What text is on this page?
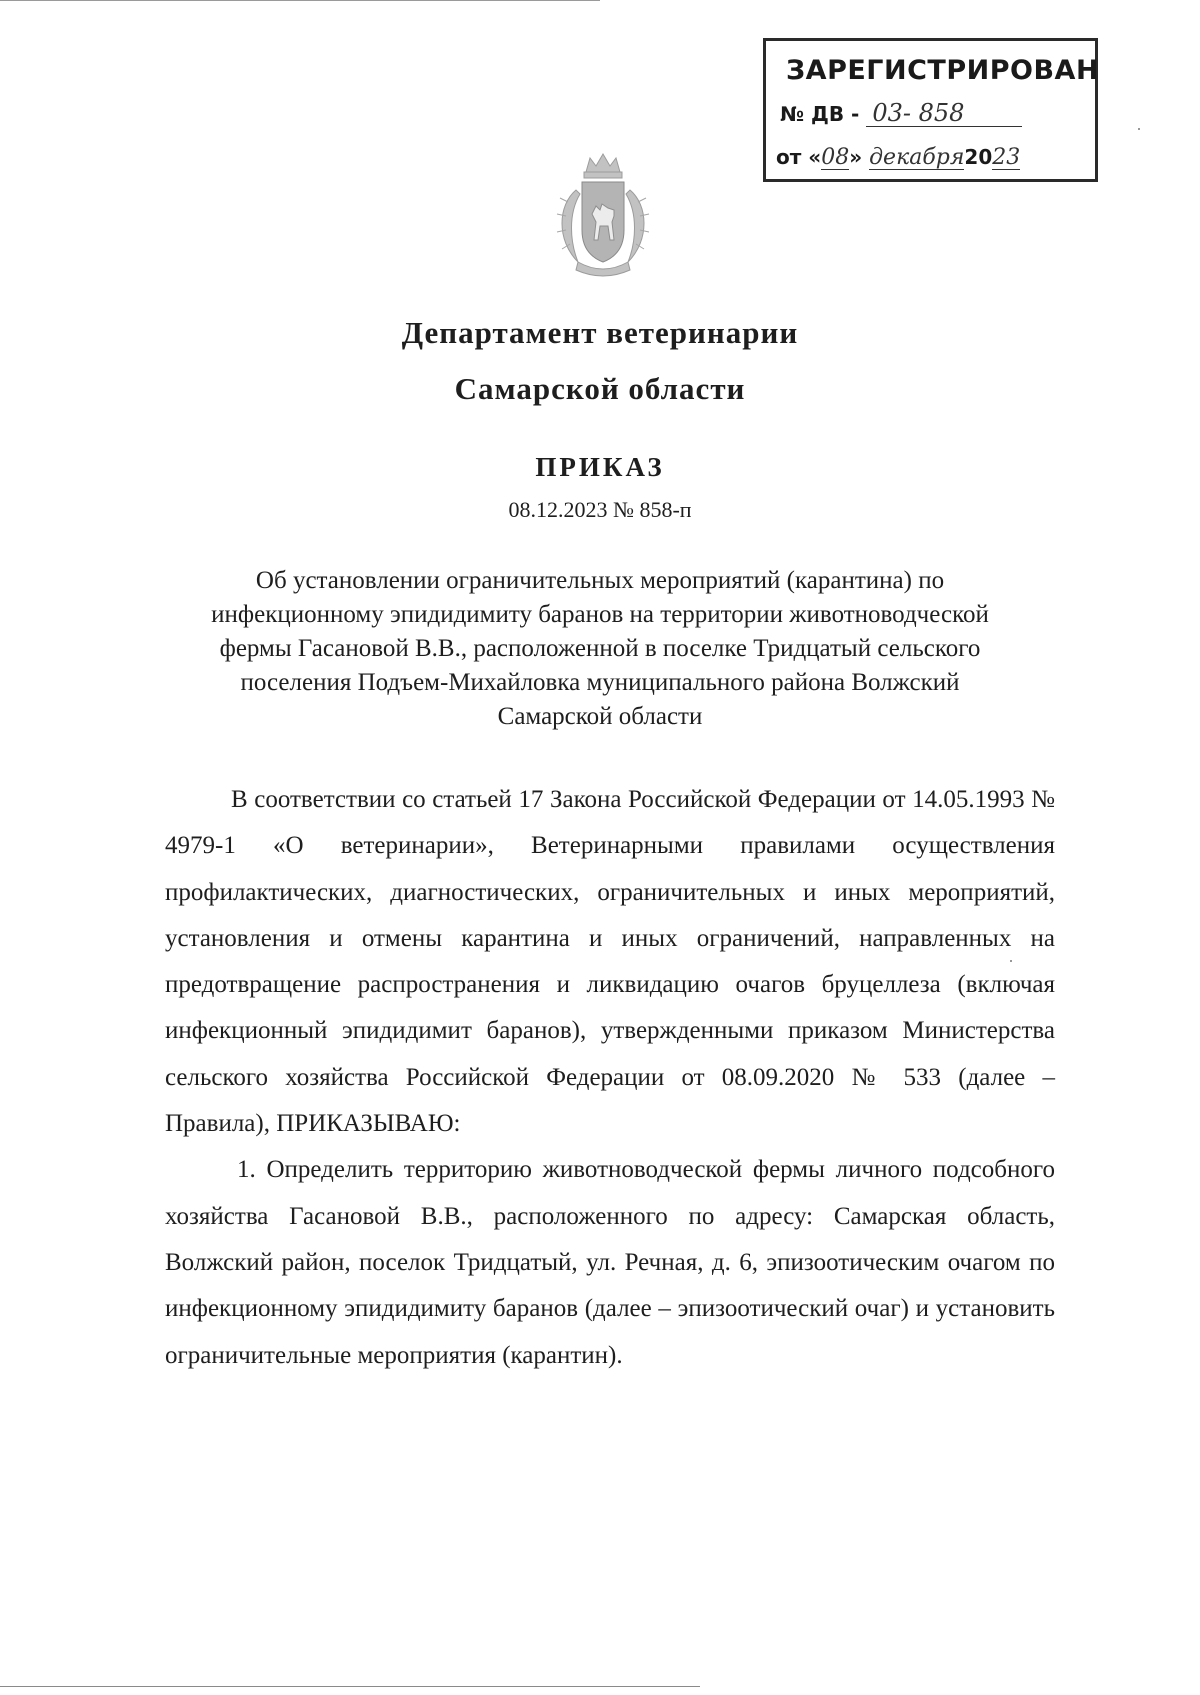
ЗАРЕГИСТРИРОВАН
№ ДВ - 03- 858
от «08» декабря2023
Департамент ветеринарии
Самарской области
ПРИКАЗ
08.12.2023 № 858-п
Об установлении ограничительных мероприятий (карантина) по
инфекционному эпидидимиту баранов на территории животноводческой
фермы Гасановой В.В., расположенной в поселке Тридцатый сельского
поселения Подъем-Михайловка муниципального района Волжский
Самарской области

В соответствии со статьей 17 Закона Российской Федерации от 14.05.1993 № 4979-1 «О ветеринарии», Ветеринарными правилами осуществления профилактических, диагностических, ограничительных и иных мероприятий, установления и отмены карантина и иных ограничений, направленных на предотвращение распространения и ликвидацию очагов бруцеллеза (включая инфекционный эпидидимит баранов), утвержденными приказом Министерства сельского хозяйства Российской Федерации от 08.09.2020 № 533 (далее – Правила), ПРИКАЗЫВАЮ:

1. Определить территорию животноводческой фермы личного подсобного хозяйства Гасановой В.В., расположенного по адресу: Самарская область, Волжский район, поселок Тридцатый, ул. Речная, д. 6, эпизоотическим очагом по инфекционному эпидидимиту баранов (далее – эпизоотический очаг) и установить ограничительные мероприятия (карантин).
